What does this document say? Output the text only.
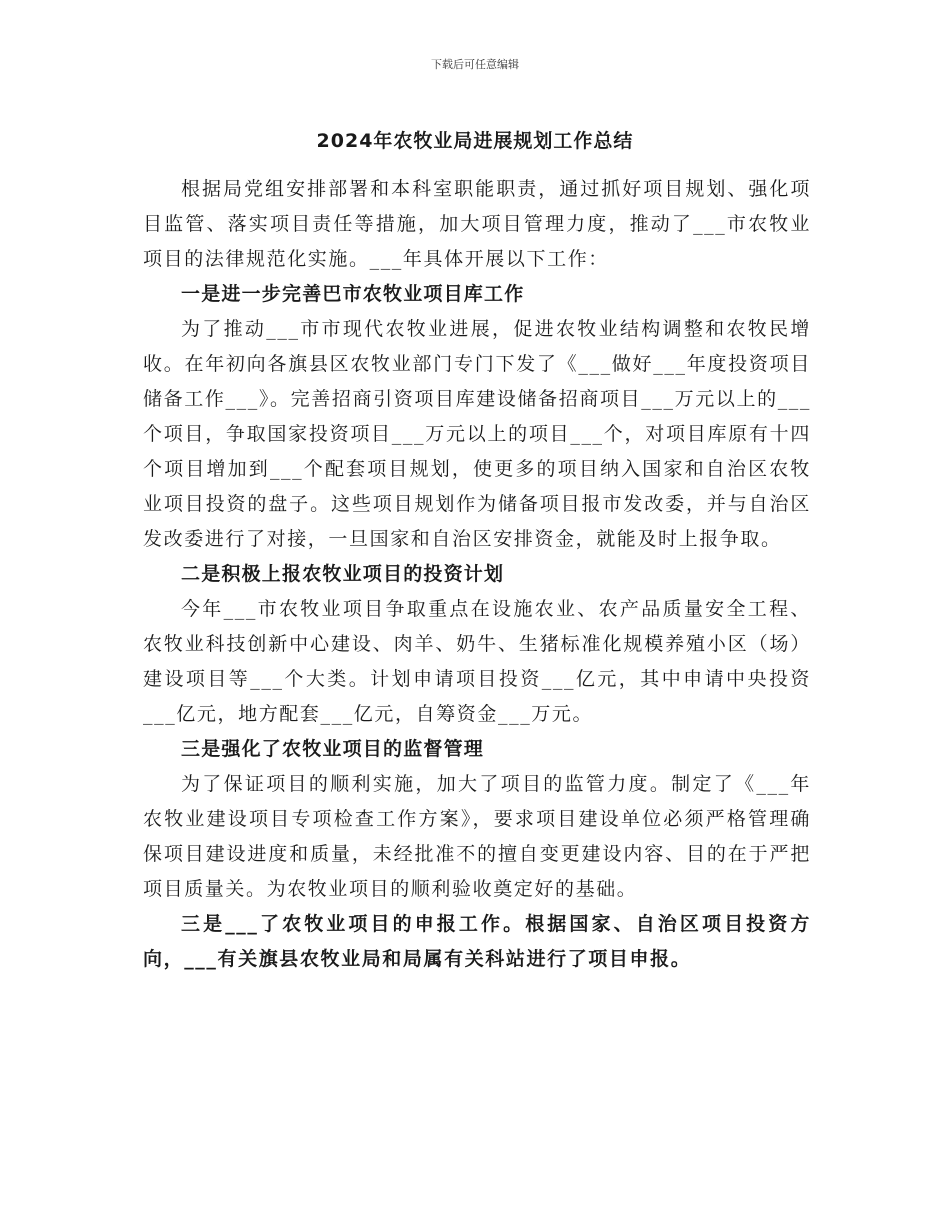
下载后可任意编辑
2024年农牧业局进展规划工作总结

根据局党组安排部署和本科室职能职责，通过抓好项目规划、强化项目监管、落实项目责任等措施，加大项目管理力度，推动了___市农牧业项目的法律规范化实施。___年具体开展以下工作：

一是进一步完善巴市农牧业项目库工作

为了推动___市市现代农牧业进展，促进农牧业结构调整和农牧民增收。在年初向各旗县区农牧业部门专门下发了《___做好___年度投资项目储备工作___》。完善招商引资项目库建设储备招商项目___万元以上的___个项目，争取国家投资项目___万元以上的项目___个，对项目库原有十四个项目增加到___个配套项目规划，使更多的项目纳入国家和自治区农牧业项目投资的盘子。这些项目规划作为储备项目报市发改委，并与自治区发改委进行了对接，一旦国家和自治区安排资金，就能及时上报争取。

二是积极上报农牧业项目的投资计划

今年___市农牧业项目争取重点在设施农业、农产品质量安全工程、农牧业科技创新中心建设、肉羊、奶牛、生猪标准化规模养殖小区（场）建设项目等___个大类。计划申请项目投资___亿元，其中申请中央投资___亿元，地方配套___亿元，自筹资金___万元。

三是强化了农牧业项目的监督管理

为了保证项目的顺利实施，加大了项目的监管力度。制定了《___年农牧业建设项目专项检查工作方案》，要求项目建设单位必须严格管理确保项目建设进度和质量，未经批准不的擅自变更建设内容、目的在于严把项目质量关。为农牧业项目的顺利验收奠定好的基础。

三是___了农牧业项目的申报工作。根据国家、自治区项目投资方向，___有关旗县农牧业局和局属有关科站进行了项目申报。
